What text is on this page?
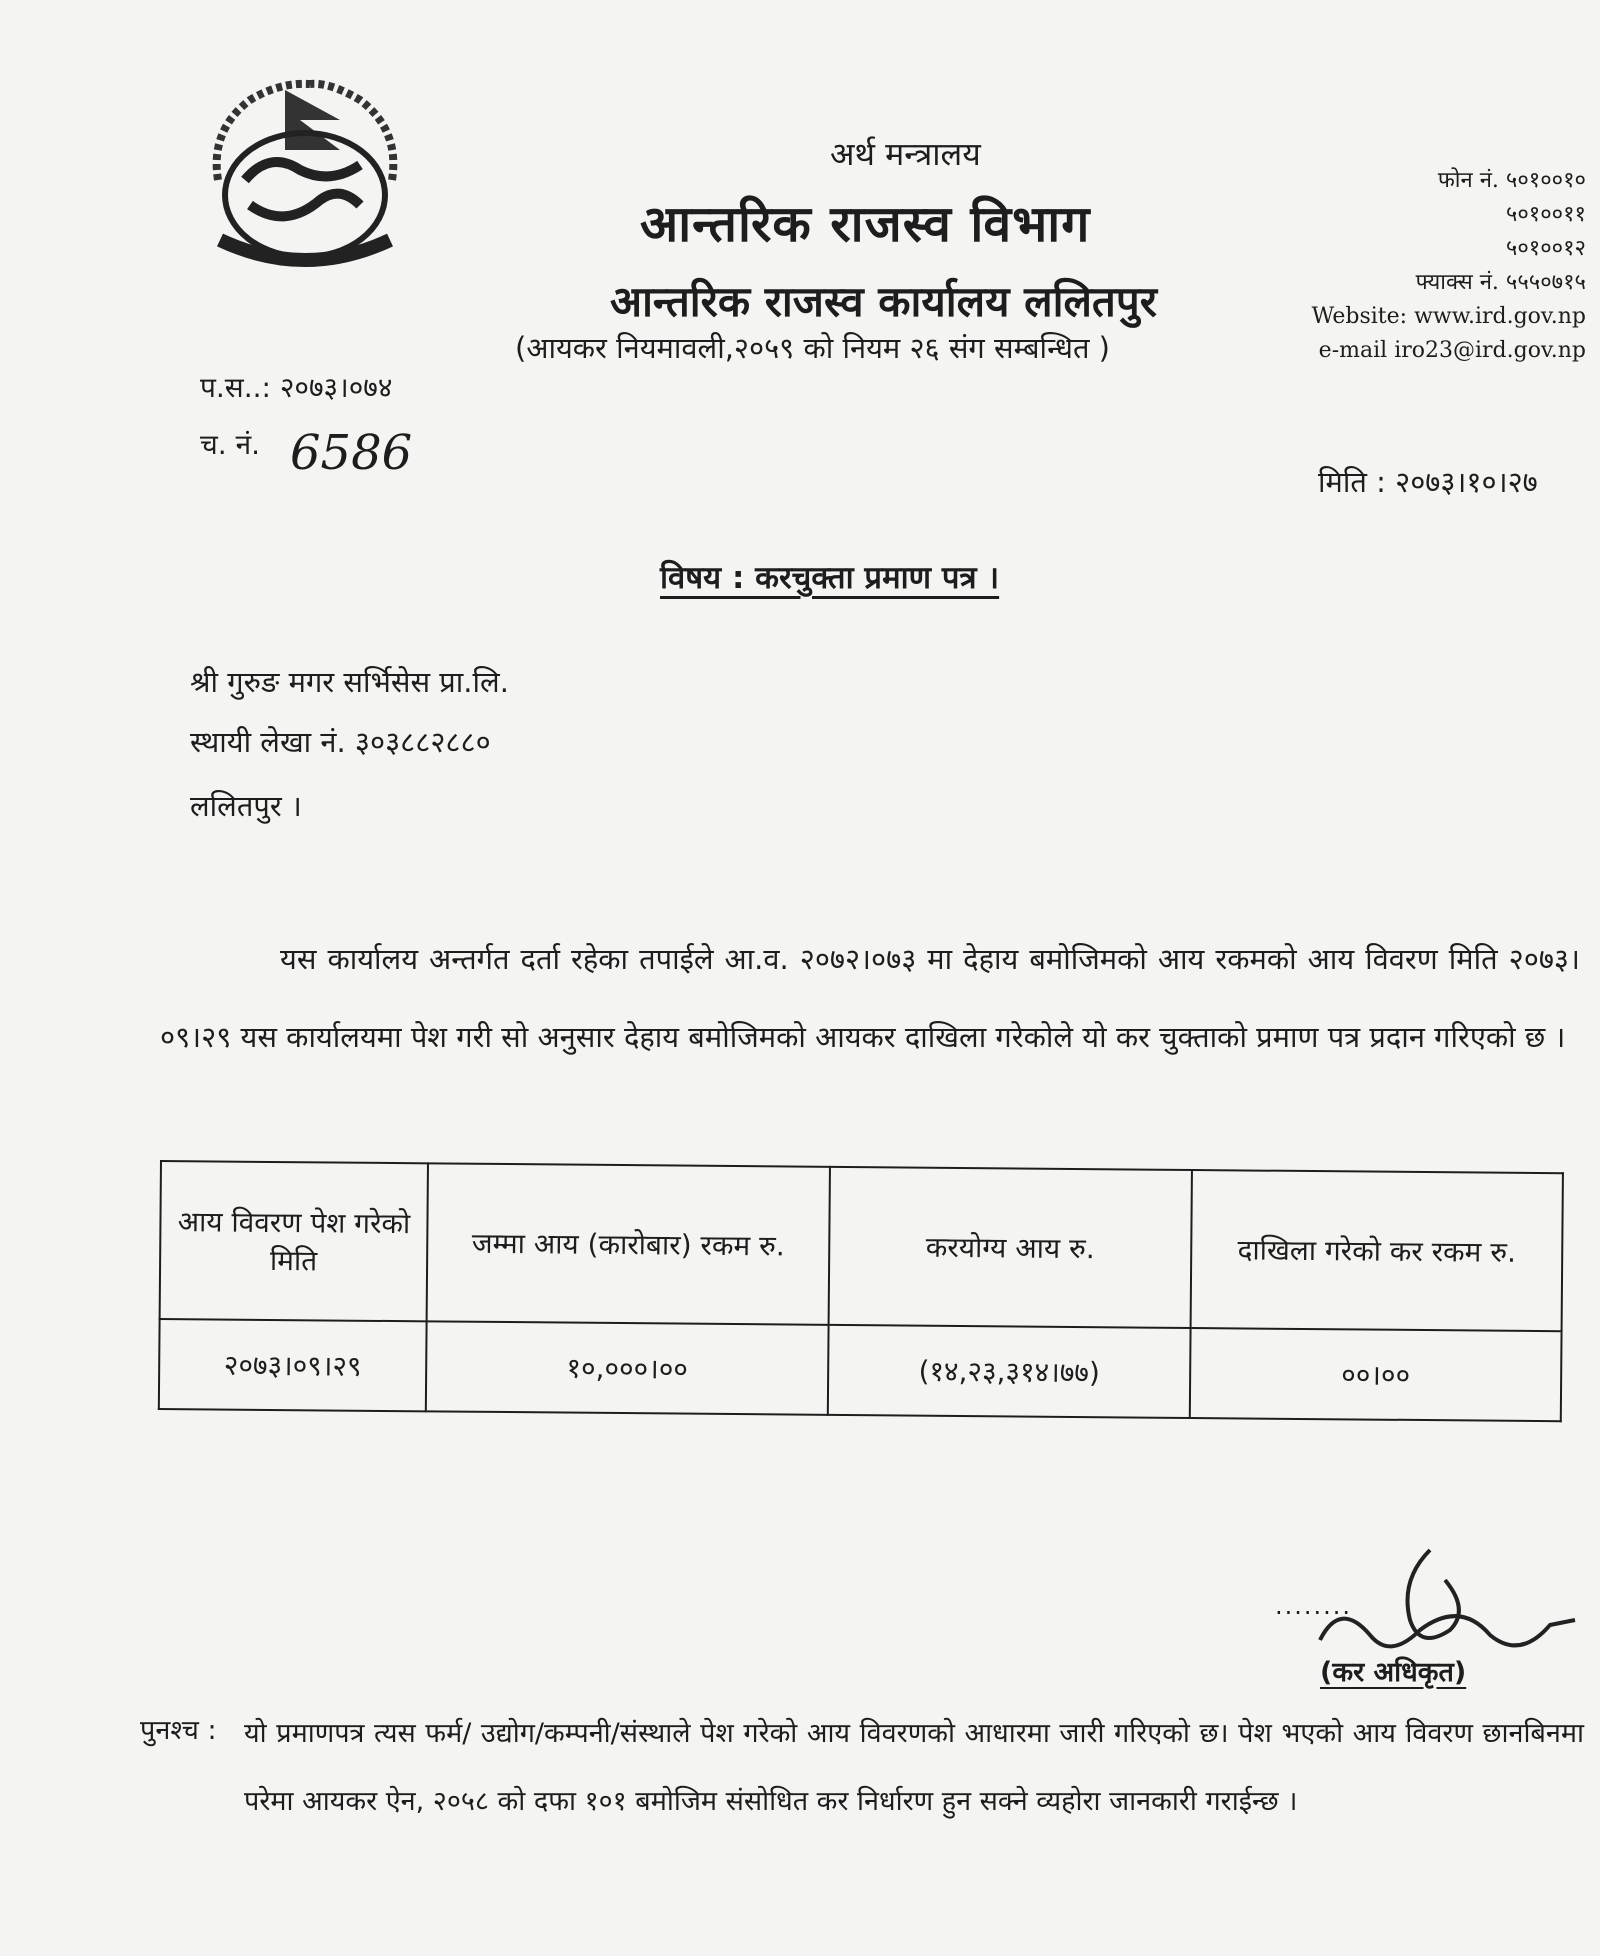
अर्थ मन्त्रालय
आन्तरिक राजस्व विभाग
आन्तरिक राजस्व कार्यालय ललितपुर
(आयकर नियमावली,२०५९ को नियम २६ संग सम्बन्धित )
फोन नं. ५०१००१०
५०१००११
५०१००१२
फ्याक्स नं. ५५५०७१५
Website: www.ird.gov.np
e-mail iro23@ird.gov.np
प.स..: २०७३।०७४
च. नं. 6586
मिति : २०७३।१०।२७
विषय : करचुक्ता प्रमाण पत्र ।
श्री गुरुङ मगर सर्भिसेस प्रा.लि.
स्थायी लेखा नं. ३०३८८२८८०
ललितपुर ।
यस कार्यालय अन्तर्गत दर्ता रहेका तपाईले आ.व. २०७२।०७३ मा देहाय बमोजिमको आय रकमको आय विवरण मिति २०७३।०९।२९ यस कार्यालयमा पेश गरी सो अनुसार देहाय बमोजिमको आयकर दाखिला गरेकोले यो कर चुक्ताको प्रमाण पत्र प्रदान गरिएको छ ।
आय विवरण पेश गरेको मिति	जम्मा आय (कारोबार) रकम रु.	करयोग्य आय रु.	दाखिला गरेको कर रकम रु.
२०७३।०९।२९	१०,०००।००	(१४,२३,३१४।७७)	००।००
........
(कर अधिकृत)
पुनश्च : यो प्रमाणपत्र त्यस फर्म/ उद्योग/कम्पनी/संस्थाले पेश गरेको आय विवरणको आधारमा जारी गरिएको छ। पेश भएको आय विवरण छानबिनमा परेमा आयकर ऐन, २०५८ को दफा १०१ बमोजिम संसोधित कर निर्धारण हुन सक्ने व्यहोरा जानकारी गराईन्छ ।
